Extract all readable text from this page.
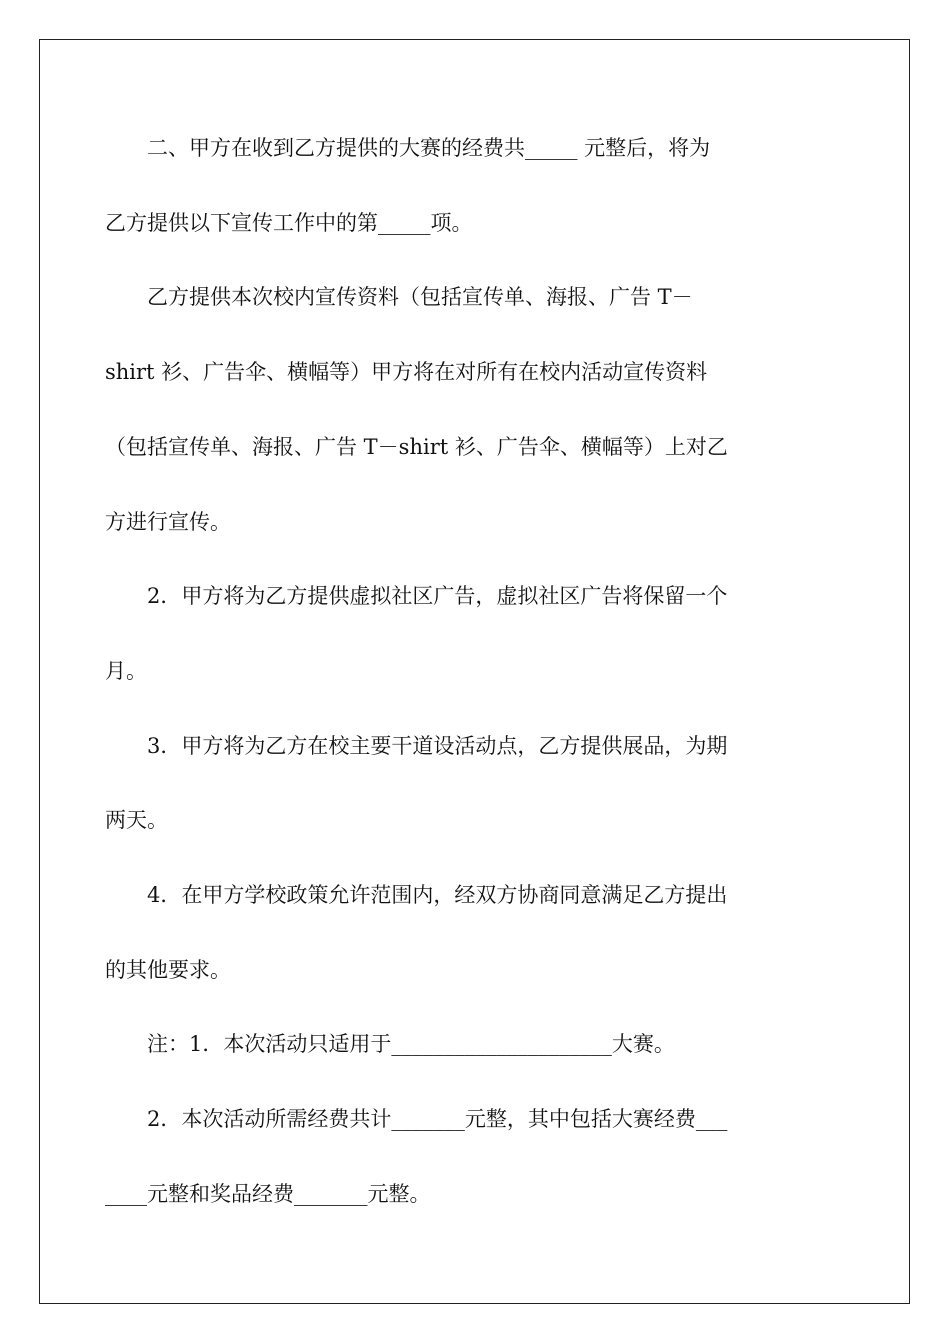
　　二、甲方在收到乙方提供的大赛的经费共_____ 元整后，将为
乙方提供以下宣传工作中的第_____项。
　　乙方提供本次校内宣传资料（包括宣传单、海报、广告 T－
shirt 衫、广告伞、横幅等）甲方将在对所有在校内活动宣传资料
（包括宣传单、海报、广告 T－shirt 衫、广告伞、横幅等）上对乙
方进行宣传。
　　2．甲方将为乙方提供虚拟社区广告，虚拟社区广告将保留一个
月。
　　3．甲方将为乙方在校主要干道设活动点，乙方提供展品，为期
两天。
　　4．在甲方学校政策允许范围内，经双方协商同意满足乙方提出
的其他要求。
　　注：1．本次活动只适用于_____________________大赛。
　　2．本次活动所需经费共计_______元整，其中包括大赛经费___
____元整和奖品经费_______元整。
